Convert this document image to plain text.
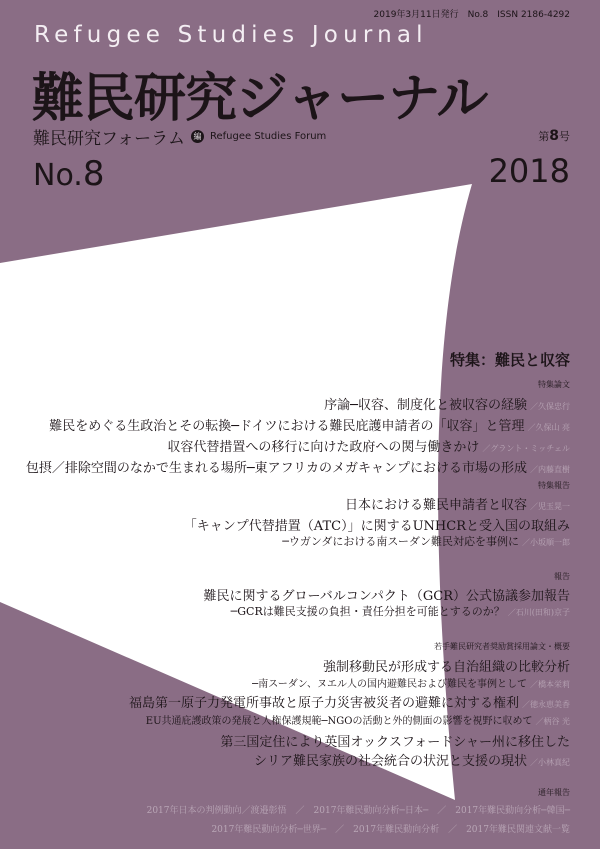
2019年3月11日発行　No.8　ISSN 2186-4292
Refugee Studies Journal
難民研究ジャーナル
難民研究フォーラム	編 Refugee Studies Forum	第8号
No.8	2018
特集：難民と収容
特集論文
序論─収容、制度化と被収容の経験 ／久保忠行
難民をめぐる生政治とその転換─ドイツにおける難民庇護申請者の「収容」と管理 ／久保山 亮
収容代替措置への移行に向けた政府への関与働きかけ ／グラント・ミッチェル
包摂／排除空間のなかで生まれる場所─東アフリカのメガキャンプにおける市場の形成 ／内藤直樹
特集報告
日本における難民申請者と収容 ／児玉晃一
「キャンプ代替措置（ATC）」に関するUNHCRと受入国の取組み
─ウガンダにおける南スーダン難民対応を事例に ／小坂順一郎
報告
難民に関するグローバルコンパクト（GCR）公式協議参加報告
─GCRは難民支援の負担・責任分担を可能とするのか？ ／石川(田和)京子
若手難民研究者奨励賞採用論文・概要
強制移動民が形成する自治組織の比較分析
─南スーダン、ヌエル人の国内避難民および難民を事例として ／橋本栄莉
福島第一原子力発電所事故と原子力災害被災者の避難に対する権利 ／徳永恵美香
EU共通庇護政策の発展と人権保護規範─NGOの活動と外的側面の影響を視野に収めて ／柄谷 光
第三国定住により英国オックスフォードシャー州に移住した
シリア難民家族の社会統合の状況と支援の現状 ／小林真紀
通年報告
2017年日本の判例動向／渡邉彰悟　／　2017年難民動向分析─日本─　／　2017年難民動向分析─韓国─
2017年難民動向分析─世界─　／　2017年難民動向分析　／　2017年難民関連文献一覧
